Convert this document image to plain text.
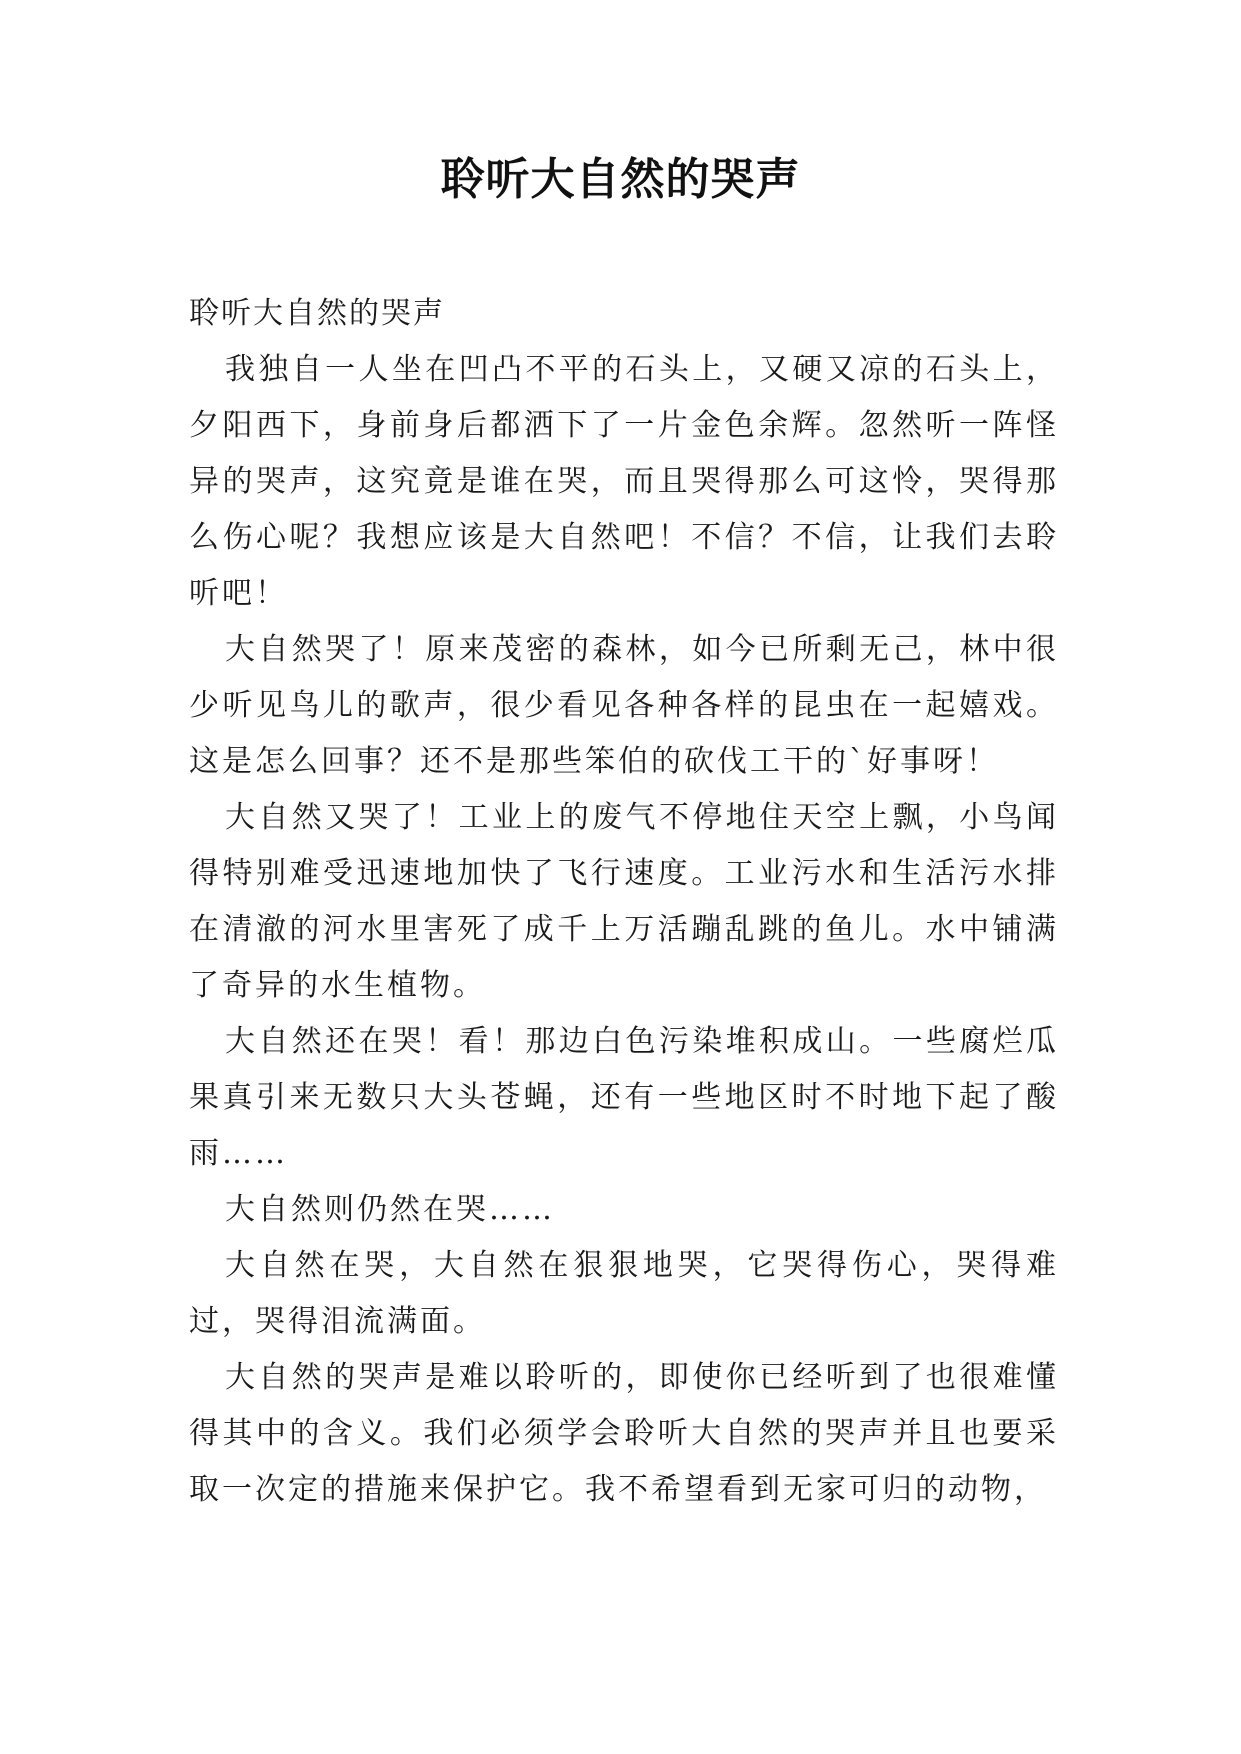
聆听大自然的哭声

聆听大自然的哭声

我独自一人坐在凹凸不平的石头上，又硬又凉的石头上，夕阳西下，身前身后都洒下了一片金色余辉。忽然听一阵怪异的哭声，这究竟是谁在哭，而且哭得那么可这怜，哭得那么伤心呢？我想应该是大自然吧！不信？不信，让我们去聆听吧！

大自然哭了！原来茂密的森林，如今已所剩无己，林中很少听见鸟儿的歌声，很少看见各种各样的昆虫在一起嬉戏。这是怎么回事？还不是那些笨伯的砍伐工干的`好事呀！

大自然又哭了！工业上的废气不停地住天空上飘，小鸟闻得特别难受迅速地加快了飞行速度。工业污水和生活污水排在清澈的河水里害死了成千上万活蹦乱跳的鱼儿。水中铺满了奇异的水生植物。

大自然还在哭！看！那边白色污染堆积成山。一些腐烂瓜果真引来无数只大头苍蝇，还有一些地区时不时地下起了酸雨……

大自然则仍然在哭……

大自然在哭，大自然在狠狠地哭，它哭得伤心，哭得难过，哭得泪流满面。

大自然的哭声是难以聆听的，即使你已经听到了也很难懂得其中的含义。我们必须学会聆听大自然的哭声并且也要采取一次定的措施来保护它。我不希望看到无家可归的动物，
